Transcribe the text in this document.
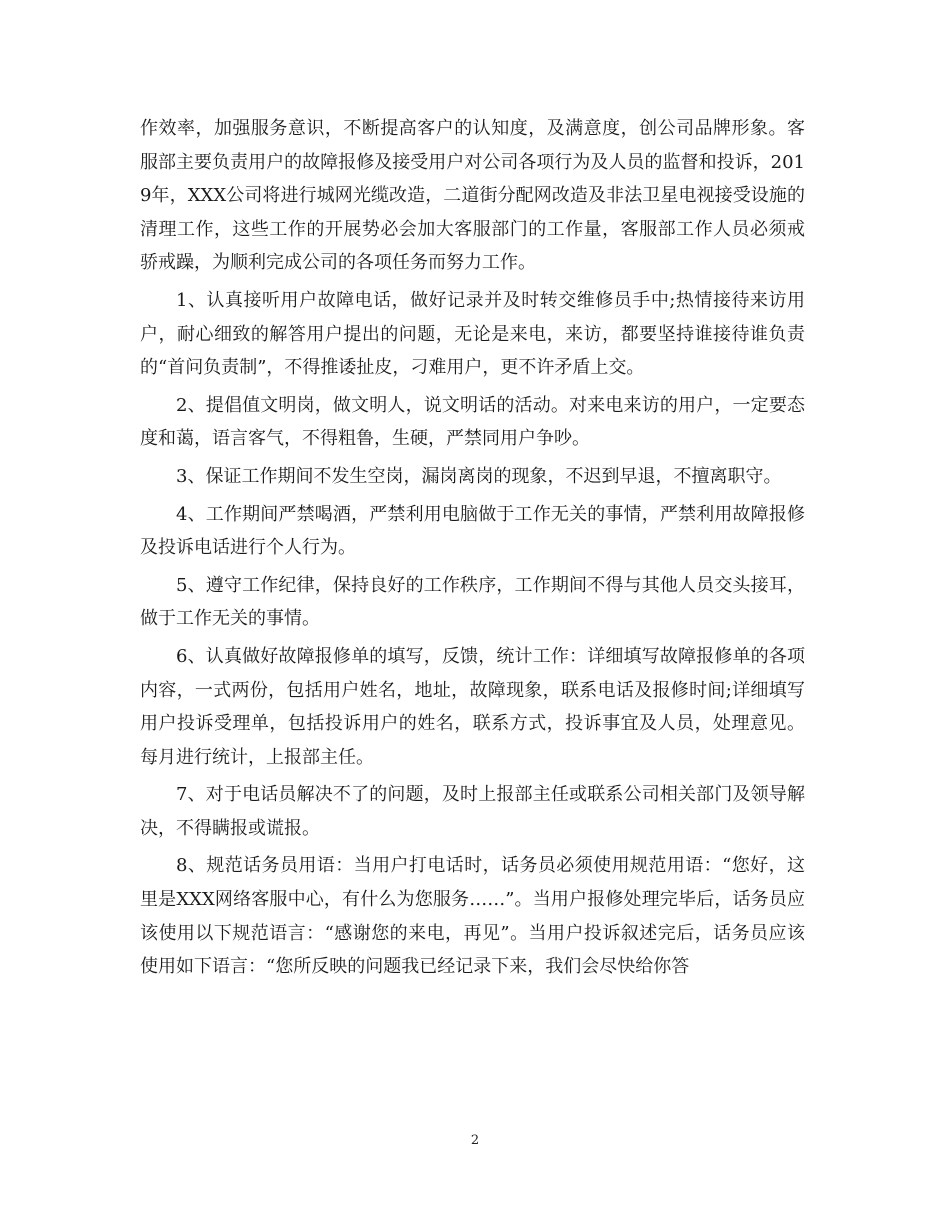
作效率，加强服务意识，不断提高客户的认知度，及满意度，创公司品牌形象。客服部主要负责用户的故障报修及接受用户对公司各项行为及人员的监督和投诉，2019年，XXX公司将进行城网光缆改造，二道街分配网改造及非法卫星电视接受设施的清理工作，这些工作的开展势必会加大客服部门的工作量，客服部工作人员必须戒骄戒躁，为顺利完成公司的各项任务而努力工作。

1、认真接听用户故障电话，做好记录并及时转交维修员手中;热情接待来访用户，耐心细致的解答用户提出的问题，无论是来电，来访，都要坚持谁接待谁负责的“首问负责制”，不得推诿扯皮，刁难用户，更不许矛盾上交。

2、提倡值文明岗，做文明人，说文明话的活动。对来电来访的用户，一定要态度和蔼，语言客气，不得粗鲁，生硬，严禁同用户争吵。

3、保证工作期间不发生空岗，漏岗离岗的现象，不迟到早退，不擅离职守。

4、工作期间严禁喝酒，严禁利用电脑做于工作无关的事情，严禁利用故障报修及投诉电话进行个人行为。

5、遵守工作纪律，保持良好的工作秩序，工作期间不得与其他人员交头接耳，做于工作无关的事情。

6、认真做好故障报修单的填写，反馈，统计工作：详细填写故障报修单的各项内容，一式两份，包括用户姓名，地址，故障现象，联系电话及报修时间;详细填写用户投诉受理单，包括投诉用户的姓名，联系方式，投诉事宜及人员，处理意见。每月进行统计，上报部主任。

7、对于电话员解决不了的问题，及时上报部主任或联系公司相关部门及领导解决，不得瞒报或谎报。

8、规范话务员用语：当用户打电话时，话务员必须使用规范用语：“您好，这里是XXX网络客服中心，有什么为您服务……”。当用户报修处理完毕后，话务员应该使用以下规范语言：“感谢您的来电，再见”。当用户投诉叙述完后，话务员应该使用如下语言：“您所反映的问题我已经记录下来，我们会尽快给你答

2
